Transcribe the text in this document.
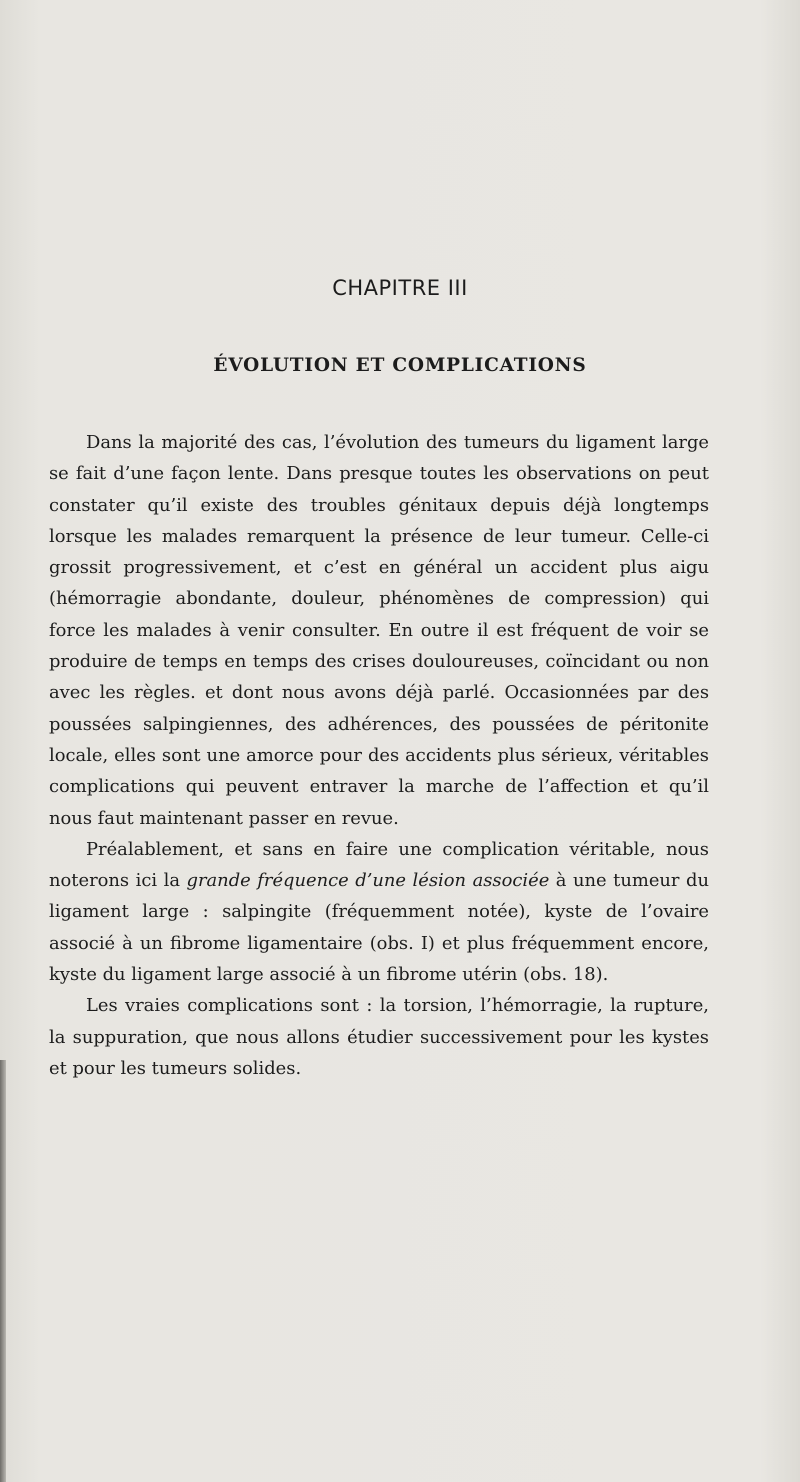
CHAPITRE III
ÉVOLUTION ET COMPLICATIONS

Dans la majorité des cas, l’évolution des tumeurs du ligament large se fait d’une façon lente. Dans presque toutes les observations on peut constater qu’il existe des troubles génitaux depuis déjà longtemps lorsque les malades remarquent la présence de leur tumeur. Celle-ci grossit progressivement, et c’est en général un accident plus aigu (hémorragie abondante, douleur, phénomènes de compression) qui force les malades à venir consulter. En outre il est fréquent de voir se produire de temps en temps des crises douloureuses, coïncidant ou non avec les règles. et dont nous avons déjà parlé. Occasionnées par des poussées salpingiennes, des adhérences, des poussées de péritonite locale, elles sont une amorce pour des accidents plus sérieux, véritables complications qui peuvent entraver la marche de l’affection et qu’il nous faut maintenant passer en revue.

Préalablement, et sans en faire une complication véritable, nous noterons ici la grande fréquence d’une lésion associée à une tumeur du ligament large : salpingite (fréquemment notée), kyste de l’ovaire associé à un fibrome ligamentaire (obs. I) et plus fréquemment encore, kyste du ligament large associé à un fibrome utérin (obs. 18).

Les vraies complications sont : la torsion, l’hémorragie, la rupture, la suppuration, que nous allons étudier successivement pour les kystes et pour les tumeurs solides.
